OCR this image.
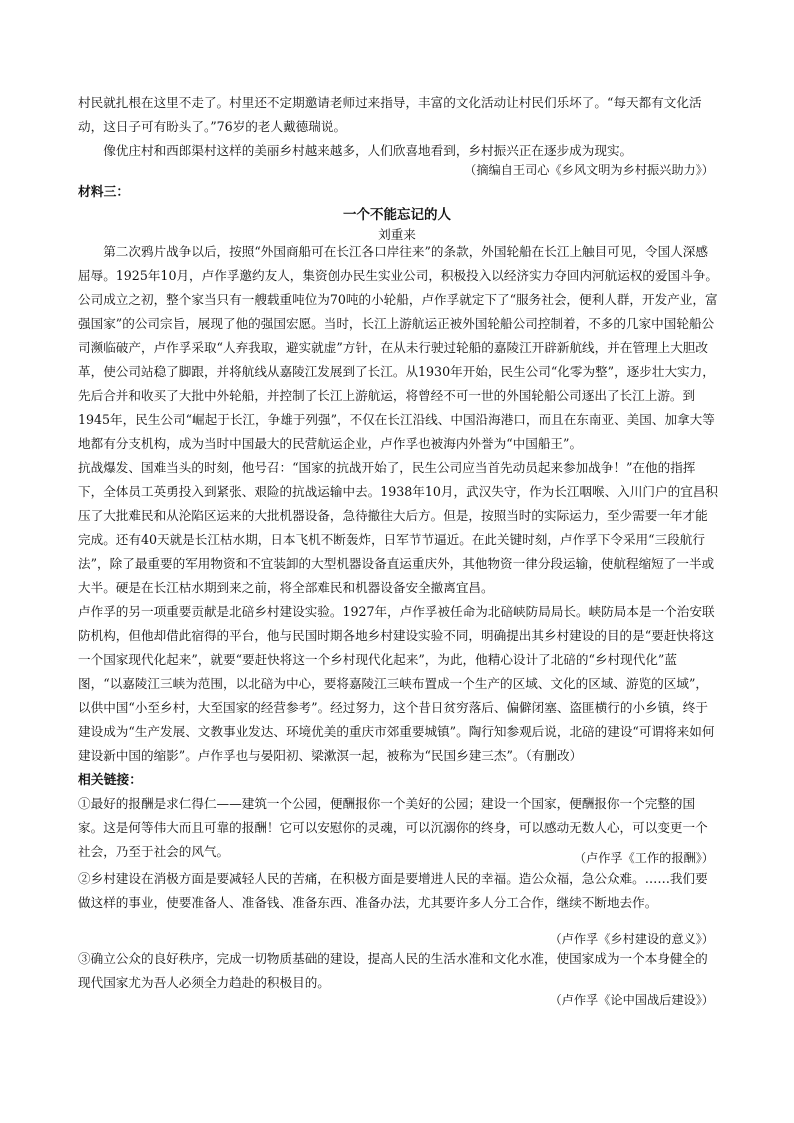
村民就扎根在这里不走了。村里还不定期邀请老师过来指导，丰富的文化活动让村民们乐坏了。“每天都有文化活动，这日子可有盼头了。”76岁的老人戴德瑞说。

像优庄村和西郎渠村这样的美丽乡村越来越多，人们欣喜地看到，乡村振兴正在逐步成为现实。

（摘编自王司心《乡风文明为乡村振兴助力》）
材料三：
一个不能忘记的人
刘重来

第二次鸦片战争以后，按照“外国商船可在长江各口岸往来”的条款，外国轮船在长江上触目可见，令国人深感屈辱。1925年10月，卢作孚邀约友人，集资创办民生实业公司，积极投入以经济实力夺回内河航运权的爱国斗争。公司成立之初，整个家当只有一艘载重吨位为70吨的小轮船，卢作孚就定下了“服务社会，便利人群，开发产业，富强国家”的公司宗旨，展现了他的强国宏愿。当时，长江上游航运正被外国轮船公司控制着，不多的几家中国轮船公司濒临破产，卢作孚采取“人弃我取，避实就虚”方针，在从未行驶过轮船的嘉陵江开辟新航线，并在管理上大胆改革，使公司站稳了脚跟，并将航线从嘉陵江发展到了长江。从1930年开始，民生公司“化零为整”，逐步壮大实力，先后合并和收买了大批中外轮船，并控制了长江上游航运，将曾经不可一世的外国轮船公司逐出了长江上游。到1945年，民生公司“崛起于长江，争雄于列强”，不仅在长江沿线、中国沿海港口，而且在东南亚、美国、加拿大等地都有分支机构，成为当时中国最大的民营航运企业，卢作孚也被海内外誉为“中国船王”。

抗战爆发、国难当头的时刻，他号召：“国家的抗战开始了，民生公司应当首先动员起来参加战争！”在他的指挥下，全体员工英勇投入到紧张、艰险的抗战运输中去。1938年10月，武汉失守，作为长江咽喉、入川门户的宜昌积压了大批难民和从沦陷区运来的大批机器设备，急待撤往大后方。但是，按照当时的实际运力，至少需要一年才能完成。还有40天就是长江枯水期，日本飞机不断轰炸，日军节节逼近。在此关键时刻，卢作孚下令采用“三段航行法”，除了最重要的军用物资和不宜装卸的大型机器设备直运重庆外，其他物资一律分段运输，使航程缩短了一半或大半。硬是在长江枯水期到来之前，将全部难民和机器设备安全撤离宜昌。

卢作孚的另一项重要贡献是北碚乡村建设实验。1927年，卢作孚被任命为北碚峡防局局长。峡防局本是一个治安联防机构，但他却借此宿得的平台，他与民国时期各地乡村建设实验不同，明确提出其乡村建设的目的是“要赶快将这一个国家现代化起来”，就要“要赶快将这一个乡村现代化起来”，为此，他精心设计了北碚的“乡村现代化”蓝图，“以嘉陵江三峡为范围，以北碚为中心，要将嘉陵江三峡布置成一个生产的区域、文化的区域、游览的区域”，以供中国“小至乡村，大至国家的经营参考”。经过努力，这个昔日贫穷落后、偏僻闭塞、盗匪横行的小乡镇，终于建设成为“生产发展、文教事业发达、环境优美的重庆市郊重要城镇”。陶行知参观后说，北碚的建设“可谓将来如何建设新中国的缩影”。卢作孚也与晏阳初、梁漱溟一起，被称为“民国乡建三杰”。（有删改）

相关链接：

①最好的报酬是求仁得仁——建筑一个公园，便酬报你一个美好的公园；建设一个国家，便酬报你一个完整的国家。这是何等伟大而且可靠的报酬！它可以安慰你的灵魂，可以沉溺你的终身，可以感动无数人心，可以变更一个社会，乃至于社会的风气。	（卢作孚《工作的报酬》）

②乡村建设在消极方面是要减轻人民的苦痛，在积极方面是要增进人民的幸福。造公众福，急公众难。……我们要做这样的事业，使要准备人、准备钱、准备东西、准备办法，尤其要许多人分工合作，继续不断地去作。

（卢作孚《乡村建设的意义》）

③确立公众的良好秩序，完成一切物质基础的建设，提高人民的生活水准和文化水准，使国家成为一个本身健全的现代国家尤为吾人必须全力趋赴的积极目的。

（卢作孚《论中国战后建设》）
